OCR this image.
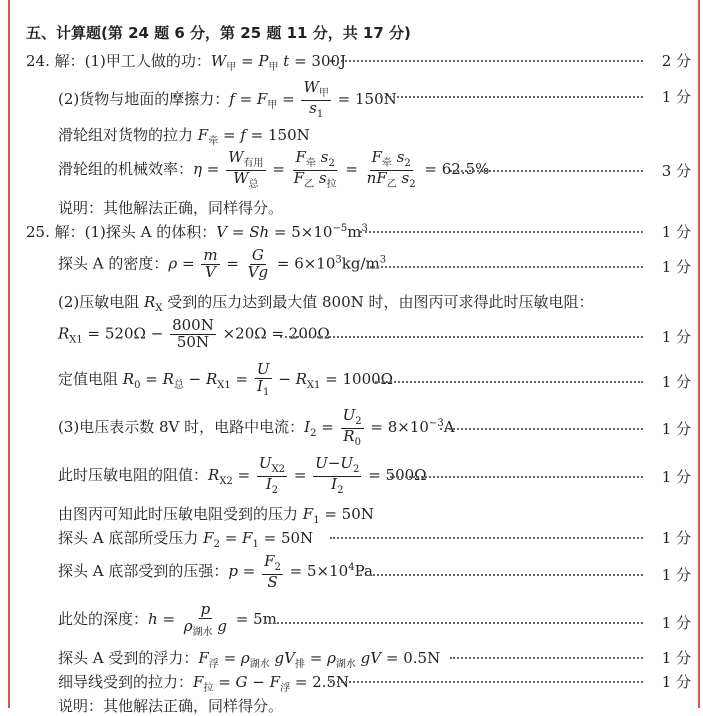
五、计算题(第 24 题 6 分，第 25 题 11 分，共 17 分)
24. 解：(1)甲工人做的功：$W_甲 = P_甲$ t = 300J	2 分
(2)货物与地面的摩擦力：$f = F_甲 = \frac{W_甲}{s_1} = 150N$	1 分
滑轮组对货物的拉力 $F_牵 = f = 150N$
滑轮组的机械效率：$\eta = \frac{W_{有用}}{W_总} = \frac{F_牵 s_2}{F_乙 s_拉} = \frac{F_牵 s_2}{nF_乙 s_2} = 62.5\%$	3 分
说明：其他解法正确，同样得分。
25. 解：(1)探头 A 的体积：$V = Sh = 5\times 10^{-5}m^3$	1 分
探头 A 的密度：$\rho = \frac{m}{V} = \frac{G}{Vg} = 6\times 10^3kg/m^3$	1 分
(2)压敏电阻 $R_X$ 受到的压力达到最大值 800N 时，由图丙可求得此时压敏电阻：
$R_{X1} = 520\Omega - \frac{800N}{50N} \times 20\Omega = 200\Omega$	1 分
定值电阻 $R_0 = R_总 - R_{X1} = \frac{U}{I_1} - R_{X1} = 1000\Omega$	1 分
(3)电压表示数 8V 时，电路中电流：$I_2 = \frac{U_2}{R_0} = 8\times 10^{-3}A$	1 分
此时压敏电阻的阻值：$R_{X2} = \frac{U_{X2}}{I_2} = \frac{U-U_2}{I_2} = 500\Omega$	1 分
由图丙可知此时压敏电阻受到的压力 $F_1 = 50N$
探头 A 底部所受压力 $F_2 = F_1 = 50N$	1 分
探头 A 底部受到的压强：$p = \frac{F_2}{S} = 5\times 10^4Pa$	1 分
此处的深度：$h = \frac{p}{\rho_{湖水} g} = 5m$	1 分
探头 A 受到的浮力：$F_浮 = \rho_{湖水}$ $gV_排 = \rho_{湖水}$ gV = 0.5N	1 分
细导线受到的拉力：$F_拉 = G - F_浮 = 2.5N$	1 分
说明：其他解法正确，同样得分。
